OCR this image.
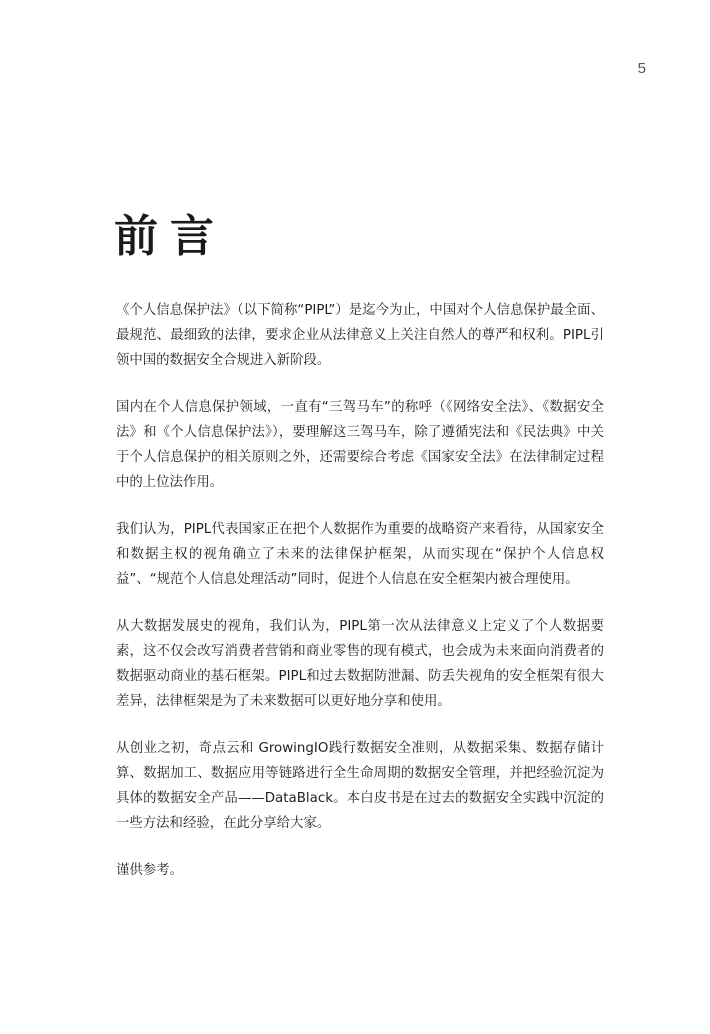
5
前言

《个人信息保护法》（以下简称“PIPL”）是迄今为止，中国对个人信息保护最全面、最规范、最细致的法律，要求企业从法律意义上关注自然人的尊严和权利。PIPL引领中国的数据安全合规进入新阶段。

国内在个人信息保护领域，一直有“三驾马车”的称呼（《网络安全法》、《数据安全法》和《个人信息保护法》），要理解这三驾马车，除了遵循宪法和《民法典》中关于个人信息保护的相关原则之外，还需要综合考虑《国家安全法》在法律制定过程中的上位法作用。

我们认为，PIPL代表国家正在把个人数据作为重要的战略资产来看待，从国家安全和数据主权的视角确立了未来的法律保护框架，从而实现在“保护个人信息权益”、“规范个人信息处理活动”同时，促进个人信息在安全框架内被合理使用。

从大数据发展史的视角，我们认为，PIPL第一次从法律意义上定义了个人数据要素，这不仅会改写消费者营销和商业零售的现有模式，也会成为未来面向消费者的数据驱动商业的基石框架。PIPL和过去数据防泄漏、防丢失视角的安全框架有很大差异，法律框架是为了未来数据可以更好地分享和使用。

从创业之初，奇点云和 GrowingIO践行数据安全准则，从数据采集、数据存储计算、数据加工、数据应用等链路进行全生命周期的数据安全管理，并把经验沉淀为具体的数据安全产品——DataBlack。本白皮书是在过去的数据安全实践中沉淀的一些方法和经验，在此分享给大家。

谨供参考。
